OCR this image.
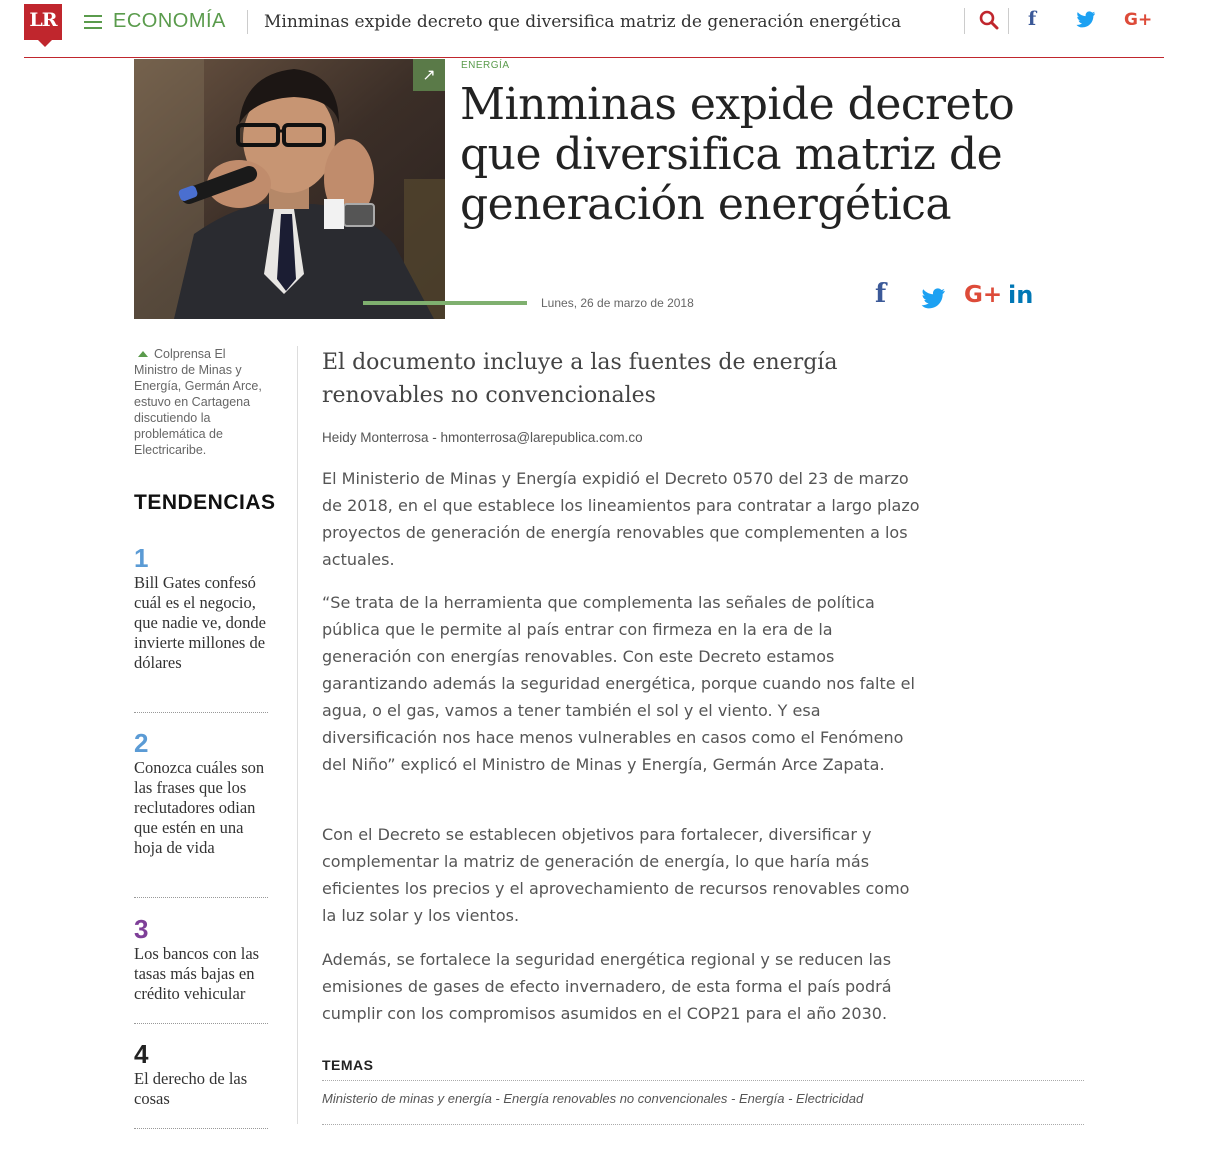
LR	ECONOMÍA Minminas expide decreto que diversifica matriz de generación energética	f	G+
↗	ENERGÍA
Minminas expide decreto que diversifica matriz de generación energética
Lunes, 26 de marzo de 2018	f	G+ in
Colprensa El Ministro de Minas y Energía, Germán Arce, estuvo en Cartagena discutiendo la problemática de Electricaribe.
TENDENCIAS
1
Bill Gates confesó cuál es el negocio, que nadie ve, donde invierte millones de dólares
2
Conozca cuáles son las frases que los reclutadores odian que estén en una hoja de vida
3
Los bancos con las tasas más bajas en crédito vehicular
4
El derecho de las cosas
El documento incluye a las fuentes de energía renovables no convencionales
Heidy Monterrosa - hmonterrosa@larepublica.com.co

El Ministerio de Minas y Energía expidió el Decreto 0570 del 23 de marzo de 2018, en el que establece los lineamientos para contratar a largo plazo proyectos de generación de energía renovables que complementen a los actuales.

“Se trata de la herramienta que complementa las señales de política pública que le permite al país entrar con firmeza en la era de la generación con energías renovables. Con este Decreto estamos garantizando además la seguridad energética, porque cuando nos falte el agua, o el gas, vamos a tener también el sol y el viento. Y esa diversificación nos hace menos vulnerables en casos como el Fenómeno del Niño” explicó el Ministro de Minas y Energía, Germán Arce Zapata.

Con el Decreto se establecen objetivos para fortalecer, diversificar y complementar la matriz de generación de energía, lo que haría más eficientes los precios y el aprovechamiento de recursos renovables como la luz solar y los vientos.

Además, se fortalece la seguridad energética regional y se reducen las emisiones de gases de efecto invernadero, de esta forma el país podrá cumplir con los compromisos asumidos en el COP21 para el año 2030.

TEMAS
Ministerio de minas y energía - Energía renovables no convencionales - Energía - Electricidad
